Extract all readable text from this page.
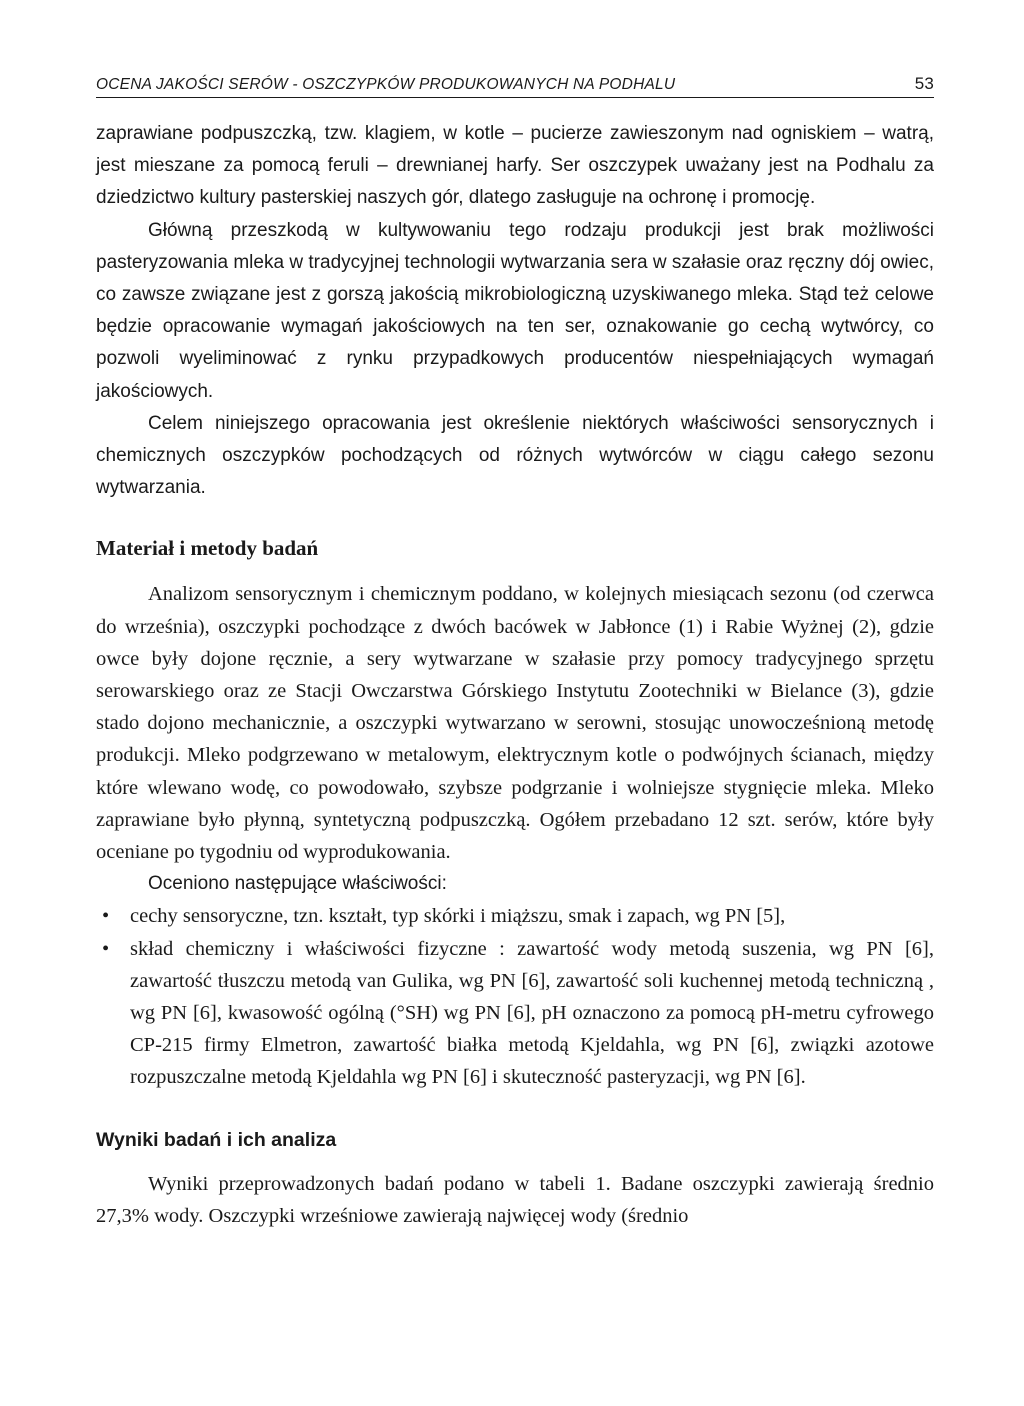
OCENA JAKOŚCI SERÓW - OSZCZYPKÓW PRODUKOWANYCH NA PODHALU	53

zaprawiane podpuszczką, tzw. klagiem, w kotle – pucierze zawieszonym nad ogniskiem – watrą, jest mieszane za pomocą feruli – drewnianej harfy. Ser oszczypek uważany jest na Podhalu za dziedzictwo kultury pasterskiej naszych gór, dlatego zasługuje na ochronę i promocję.

Główną przeszkodą w kultywowaniu tego rodzaju produkcji jest brak możliwości pasteryzowania mleka w tradycyjnej technologii wytwarzania sera w szałasie oraz ręczny dój owiec, co zawsze związane jest z gorszą jakością mikrobiologiczną uzyskiwanego mleka. Stąd też celowe będzie opracowanie wymagań jakościowych na ten ser, oznakowanie go cechą wytwórcy, co pozwoli wyeliminować z rynku przypadkowych producentów niespełniających wymagań jakościowych.

Celem niniejszego opracowania jest określenie niektórych właściwości sensorycznych i chemicznych oszczypków pochodzących od różnych wytwórców w ciągu całego sezonu wytwarzania.

Materiał i metody badań

Analizom sensorycznym i chemicznym poddano, w kolejnych miesiącach sezonu (od czerwca do września), oszczypki pochodzące z dwóch bacówek w Jabłonce (1) i Rabie Wyżnej (2), gdzie owce były dojone ręcznie, a sery wytwarzane w szałasie przy pomocy tradycyjnego sprzętu serowarskiego oraz ze Stacji Owczarstwa Górskiego Instytutu Zootechniki w Bielance (3), gdzie stado dojono mechanicznie, a oszczypki wytwarzano w serowni, stosując unowocześnioną metodę produkcji. Mleko podgrzewano w metalowym, elektrycznym kotle o podwójnych ścianach, między które wlewano wodę, co powodowało, szybsze podgrzanie i wolniejsze stygnięcie mleka. Mleko zaprawiane było płynną, syntetyczną podpuszczką. Ogółem przebadano 12 szt. serów, które były oceniane po tygodniu od wyprodukowania.

Oceniono następujące właściwości:

• cechy sensoryczne, tzn. kształt, typ skórki i miąższu, smak i zapach, wg PN [5],
• skład chemiczny i właściwości fizyczne : zawartość wody metodą suszenia, wg PN [6], zawartość tłuszczu metodą van Gulika, wg PN [6], zawartość soli kuchennej metodą techniczną , wg PN [6], kwasowość ogólną (°SH) wg PN [6], pH oznaczono za pomocą pH-metru cyfrowego CP-215 firmy Elmetron, zawartość białka metodą Kjeldahla, wg PN [6], związki azotowe rozpuszczalne metodą Kjeldahla wg PN [6] i skuteczność pasteryzacji, wg PN [6].
Wyniki badań i ich analiza

Wyniki przeprowadzonych badań podano w tabeli 1. Badane oszczypki zawierają średnio 27,3% wody. Oszczypki wrześniowe zawierają najwięcej wody (średnio
